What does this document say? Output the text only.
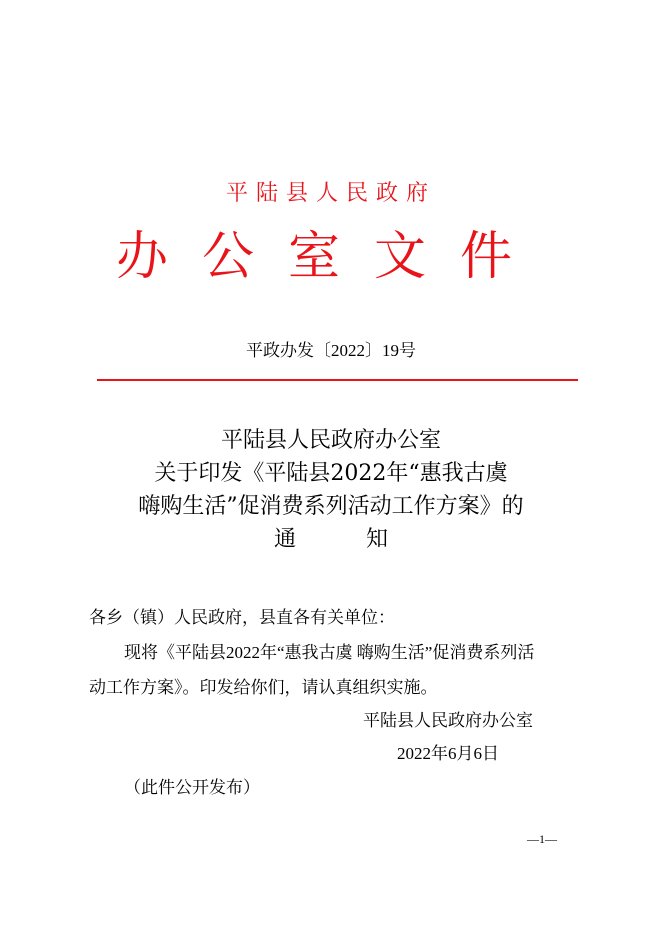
平陆县人民政府
办公室文件
平政办发〔2022〕19号
平陆县人民政府办公室
关于印发《平陆县2022年“惠我古虞
嗨购生活”促消费系列活动工作方案》的
通知
各乡（镇）人民政府，县直各有关单位：
现将《平陆县2022年“惠我古虞 嗨购生活”促消费系列活
动工作方案》。印发给你们，请认真组织实施。
平陆县人民政府办公室
2022年6月6日
（此件公开发布）
—1—
